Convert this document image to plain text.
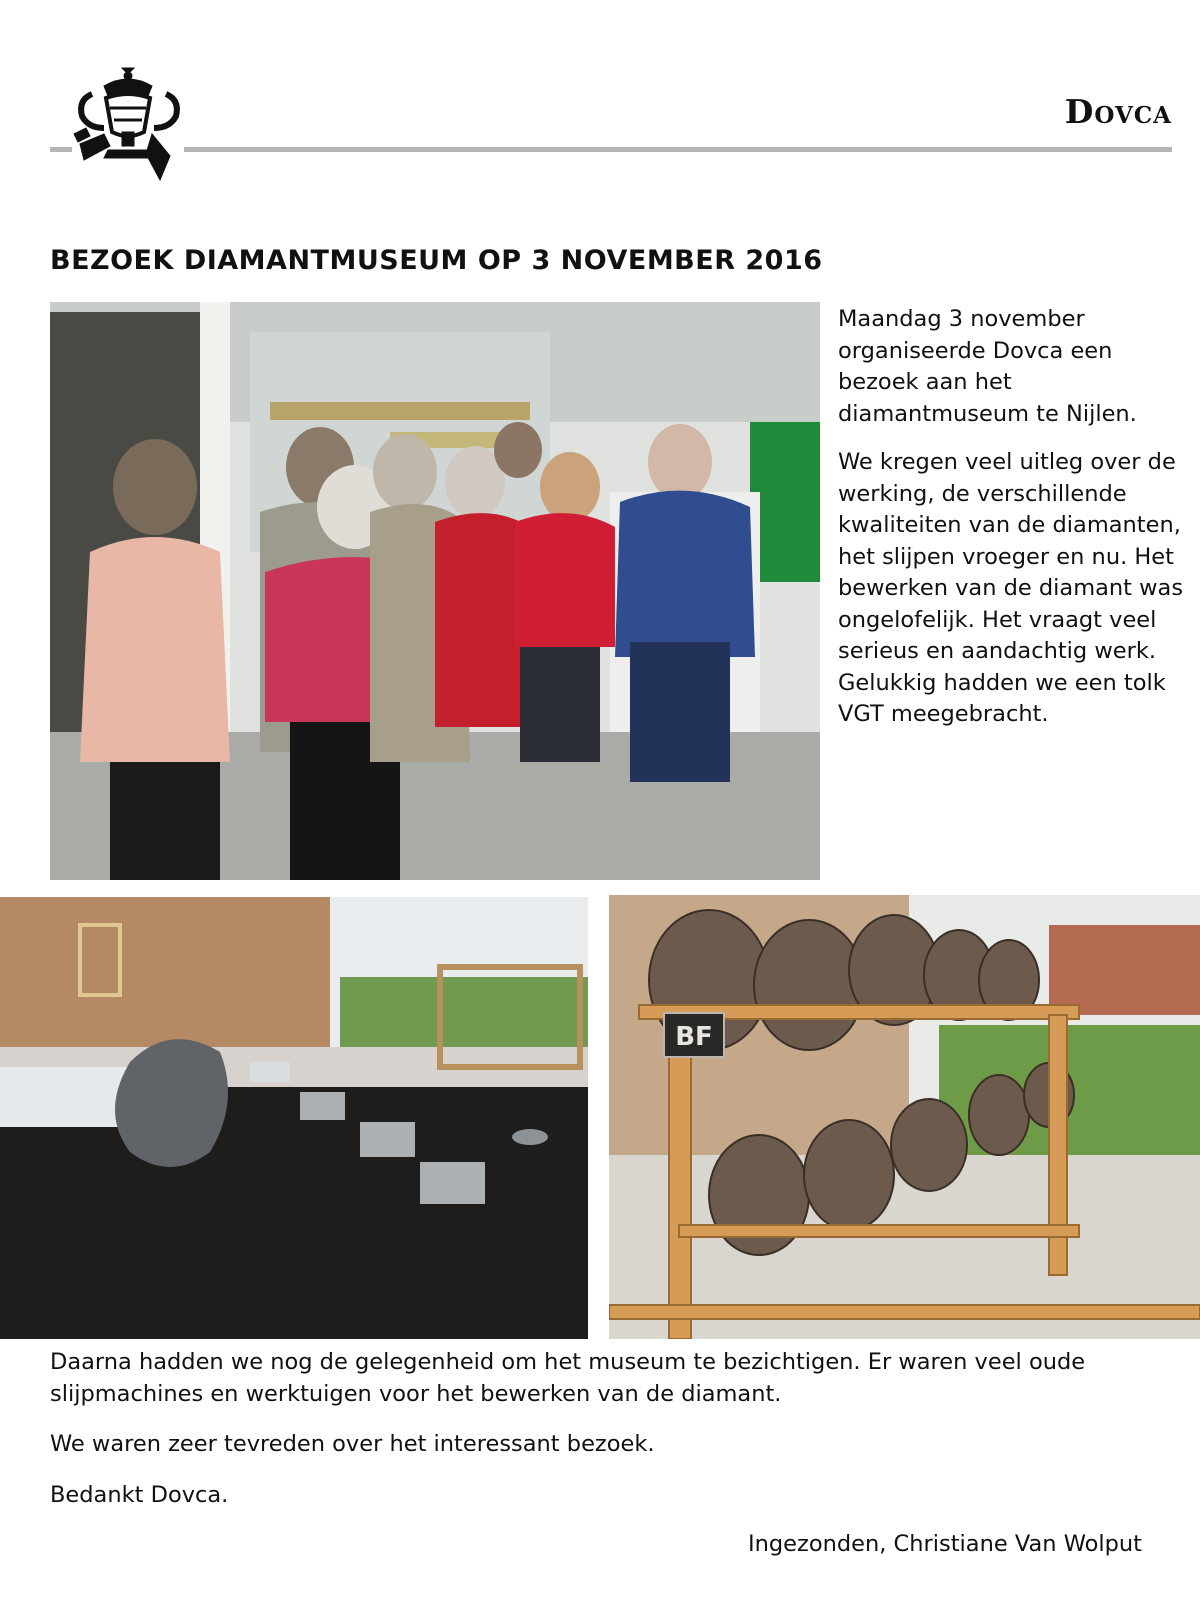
Dovca
BEZOEK DIAMANTMUSEUM OP 3 NOVEMBER 2016

Maandag 3 november organiseerde Dovca een bezoek aan het diamantmuseum te Nijlen.

We kregen veel uitleg over de werking, de verschillende kwaliteiten van de diamanten, het slijpen vroeger en nu. Het bewerken van de diamant was ongelofelijk. Het vraagt veel serieus en aandachtig werk. Gelukkig hadden we een tolk VGT meegebracht.

BF

Daarna hadden we nog de gelegenheid om het museum te bezichtigen. Er waren veel oude slijpmachines en werktuigen voor het bewerken van de diamant.

We waren zeer tevreden over het interessant bezoek.

Bedankt Dovca.

Ingezonden, Christiane Van Wolput
